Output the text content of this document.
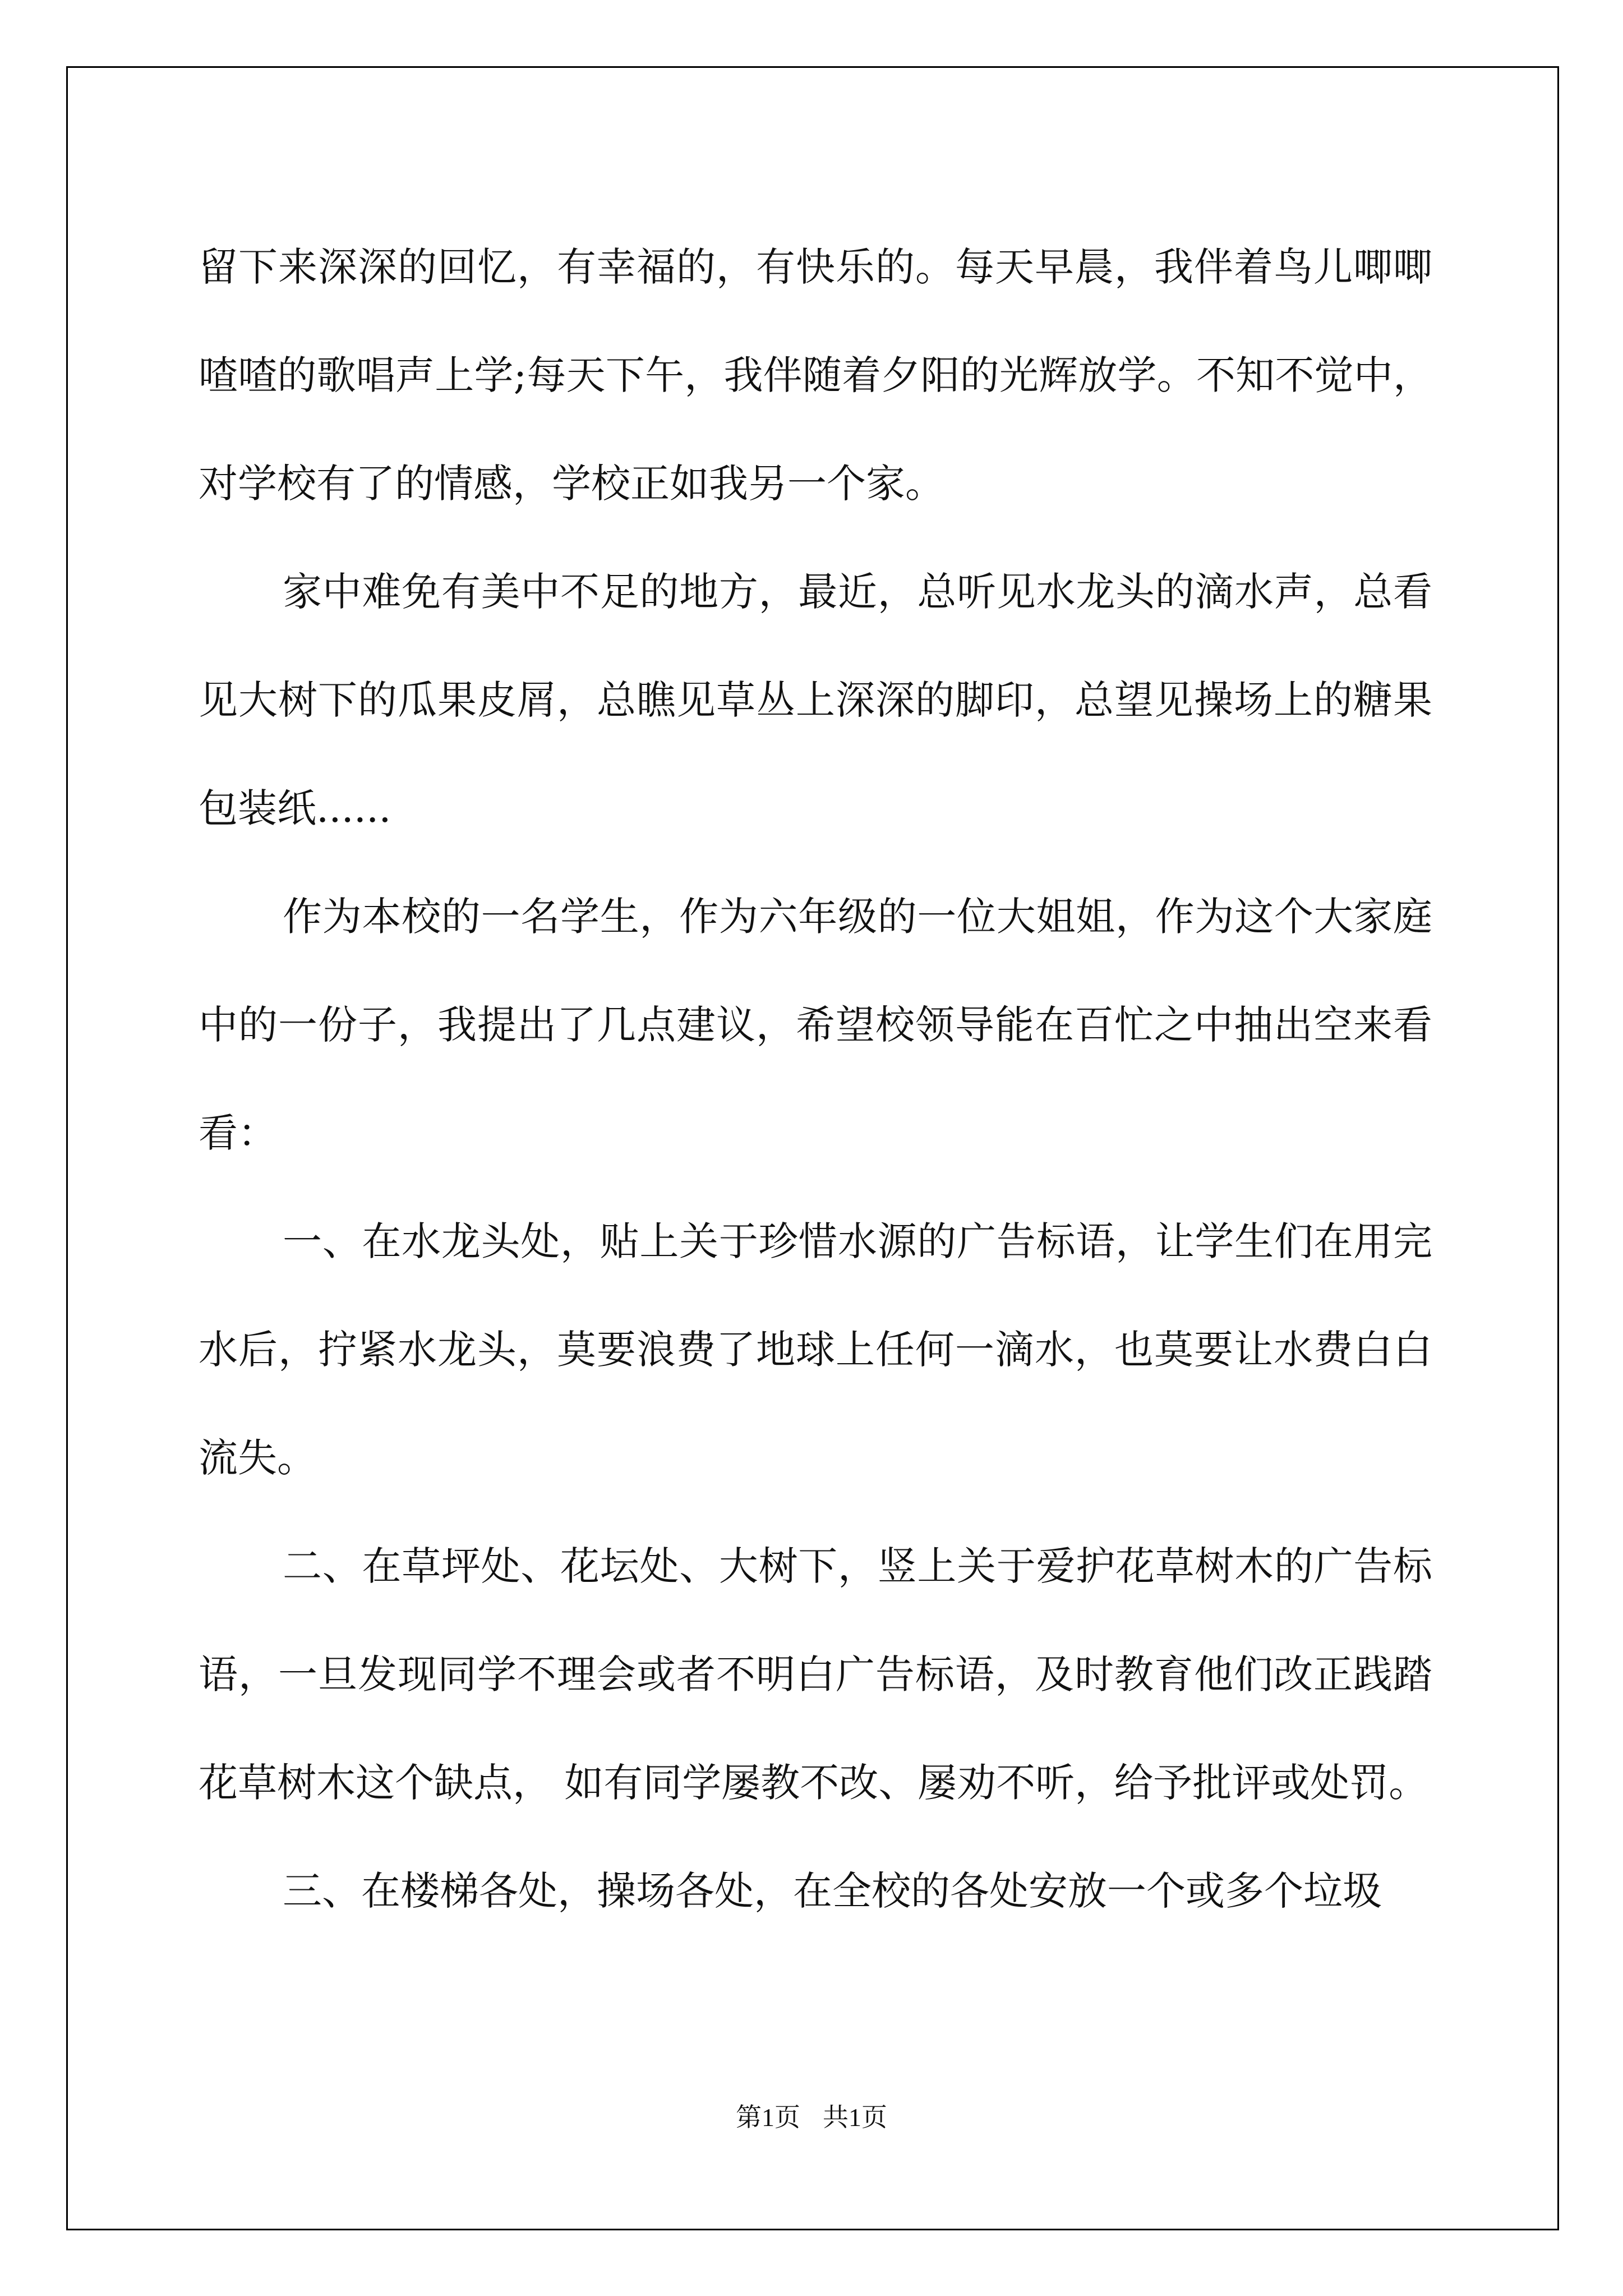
留下来深深的回忆，有幸福的，有快乐的。每天早晨，我伴着鸟儿唧唧喳喳的歌唱声上学;每天下午，我伴随着夕阳的光辉放学。不知不觉中，对学校有了的情感，学校正如我另一个家。

家中难免有美中不足的地方，最近，总听见水龙头的滴水声，总看见大树下的瓜果皮屑，总瞧见草丛上深深的脚印，总望见操场上的糖果包装纸......

作为本校的一名学生，作为六年级的一位大姐姐，作为这个大家庭中的一份子，我提出了几点建议，希望校领导能在百忙之中抽出空来看看：

一、在水龙头处，贴上关于珍惜水源的广告标语，让学生们在用完水后，拧紧水龙头，莫要浪费了地球上任何一滴水，也莫要让水费白白流失。

二、在草坪处、花坛处、大树下，竖上关于爱护花草树木的广告标语，一旦发现同学不理会或者不明白广告标语，及时教育他们改正践踏花草树木这个缺点， 如有同学屡教不改、屡劝不听，给予批评或处罚。

三、在楼梯各处，操场各处，在全校的各处安放一个或多个垃圾

第1页 共1页
